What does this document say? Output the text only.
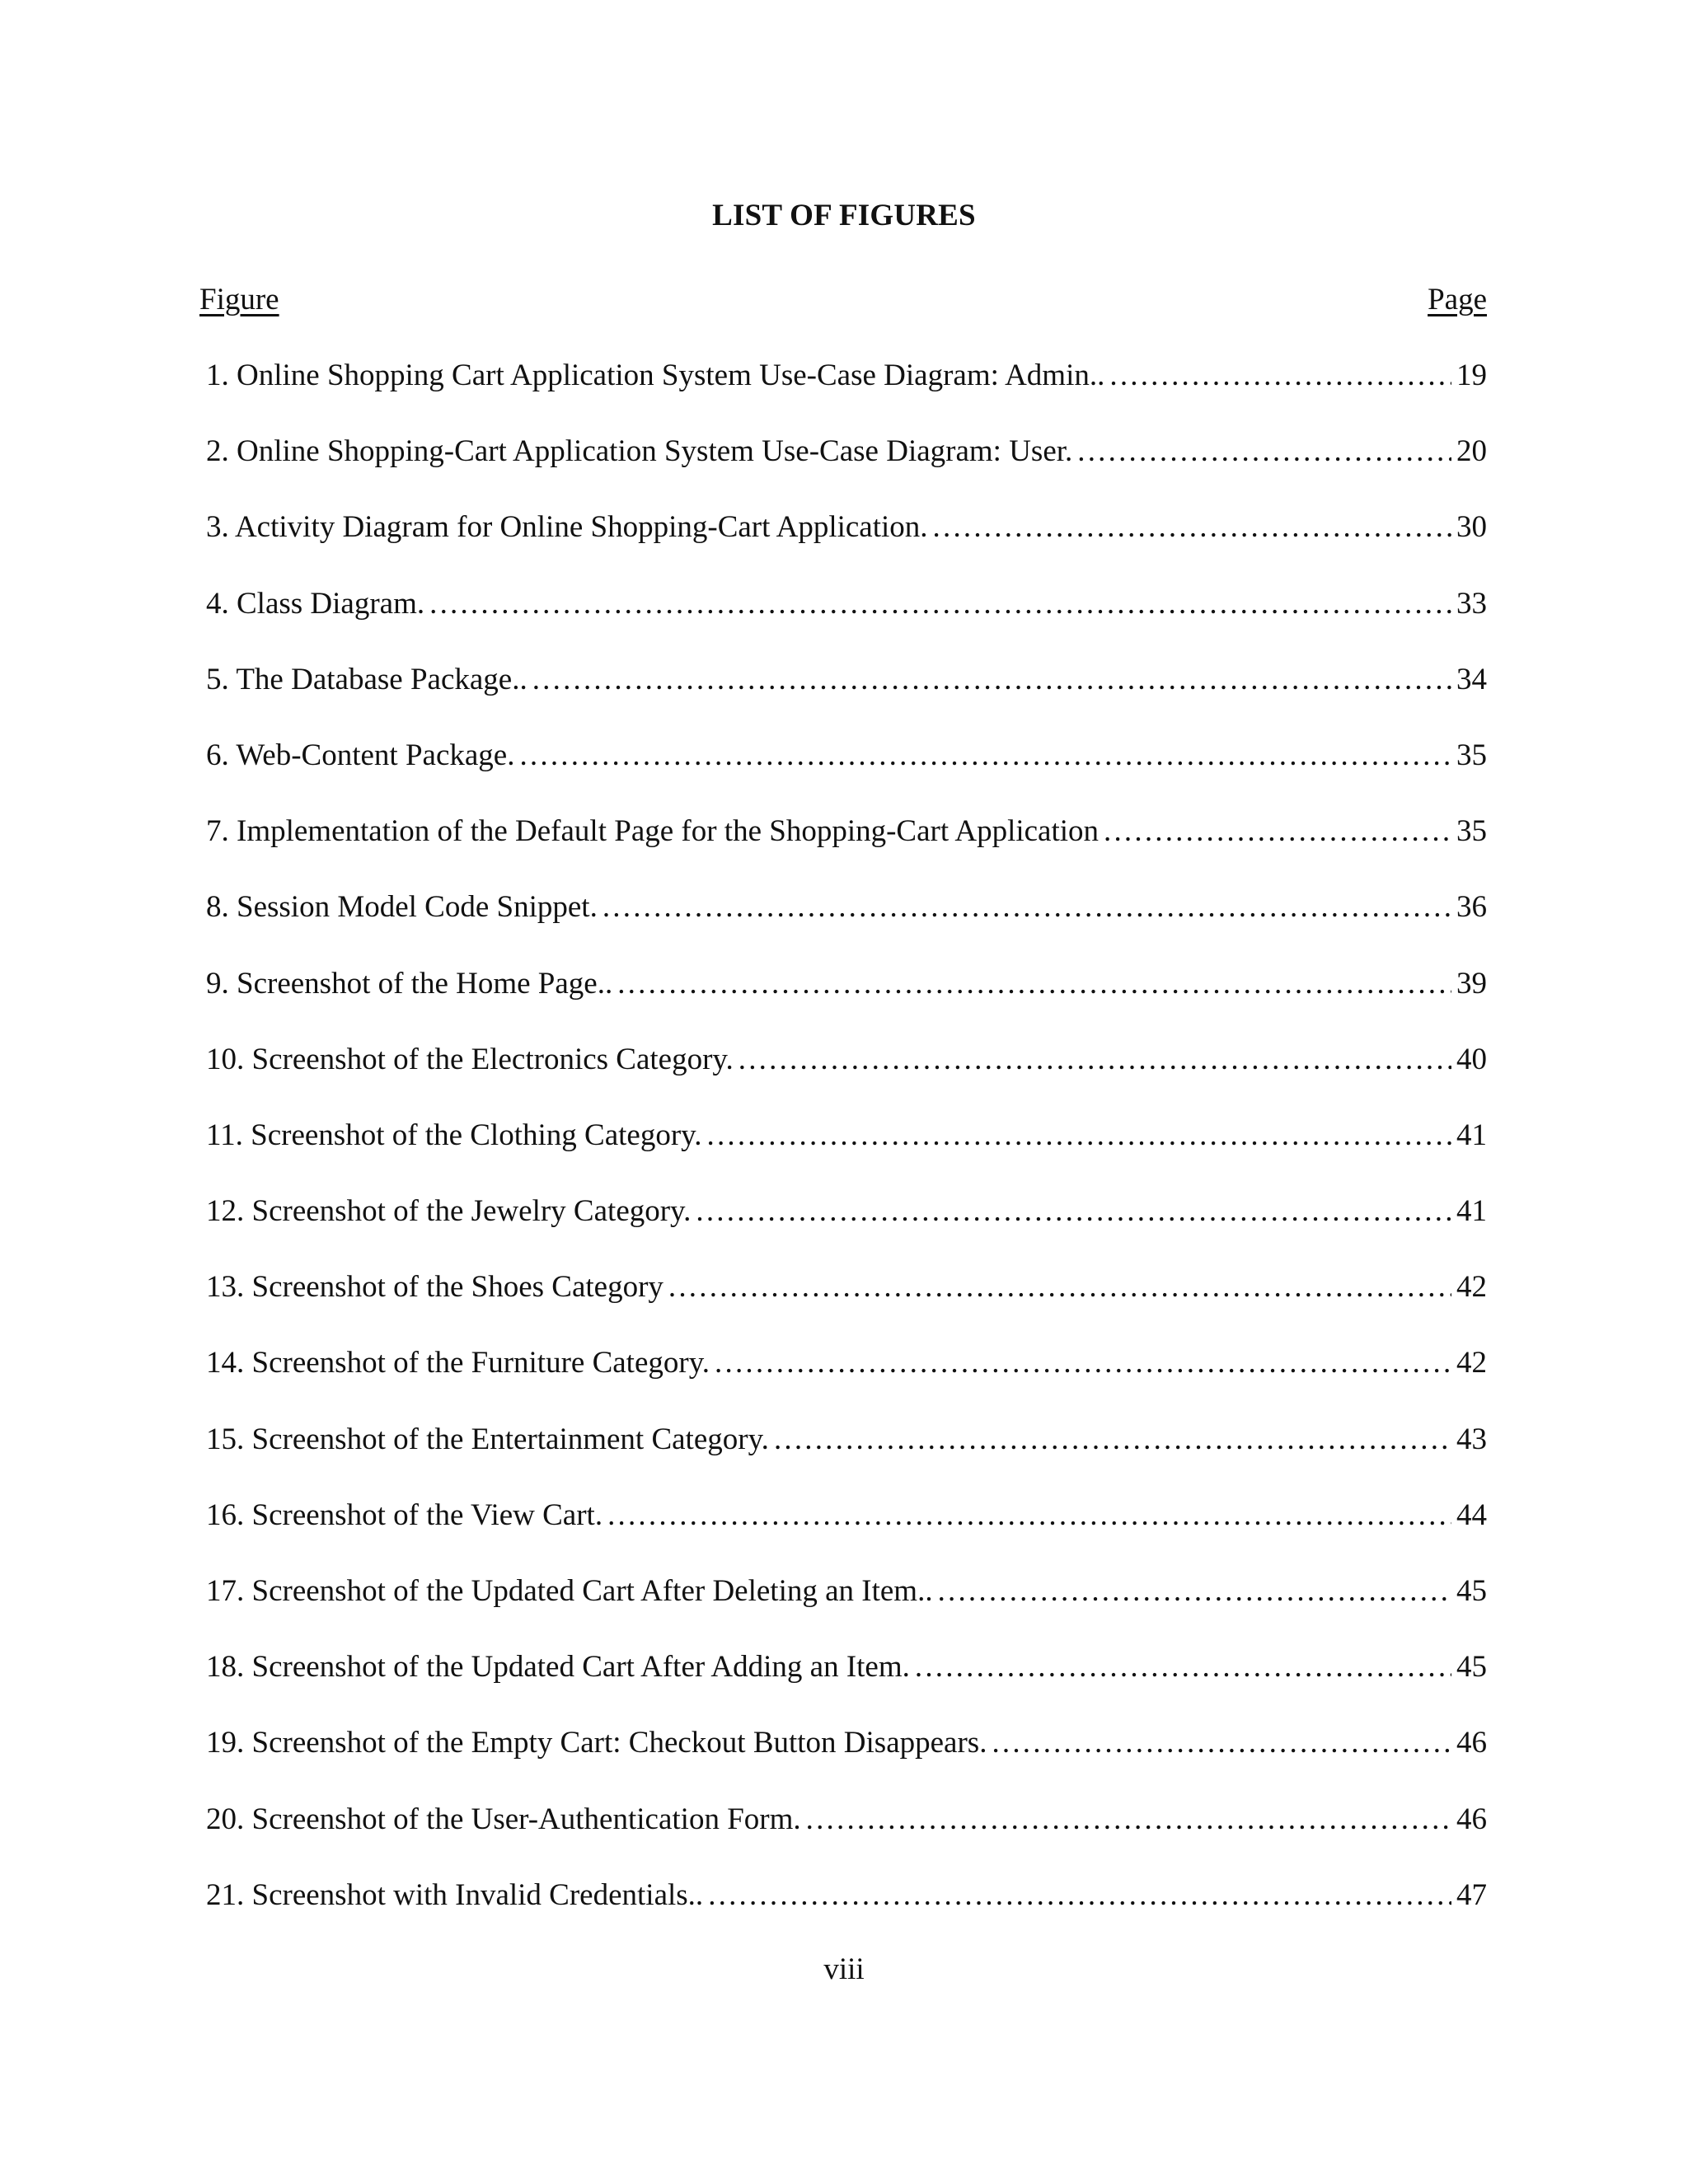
LIST OF FIGURES
Figure	Page
1. Online Shopping Cart Application System Use-Case Diagram: Admin.. .....	19
2. Online Shopping-Cart Application System Use-Case Diagram: User. .....	20
3. Activity Diagram for Online Shopping-Cart Application. .....	30
4. Class Diagram. .....	33
5. The Database Package.. .....	34
6. Web-Content Package. .....	35
7. Implementation of the Default Page for the Shopping-Cart Application .....	35
8. Session Model Code Snippet. .....	36
9. Screenshot of the Home Page.. .....	39
10. Screenshot of the Electronics Category. .....	40
11. Screenshot of the Clothing Category. .....	41
12. Screenshot of the Jewelry Category. .....	41
13. Screenshot of the Shoes Category .....	42
14. Screenshot of the Furniture Category. .....	42
15. Screenshot of the Entertainment Category. .....	43
16. Screenshot of the View Cart. .....	44
17. Screenshot of the Updated Cart After Deleting an Item.. .....	45
18. Screenshot of the Updated Cart After Adding an Item. .....	45
19. Screenshot of the Empty Cart: Checkout Button Disappears. .....	46
20. Screenshot of the User-Authentication Form. .....	46
21. Screenshot with Invalid Credentials.. .....	47
viii
